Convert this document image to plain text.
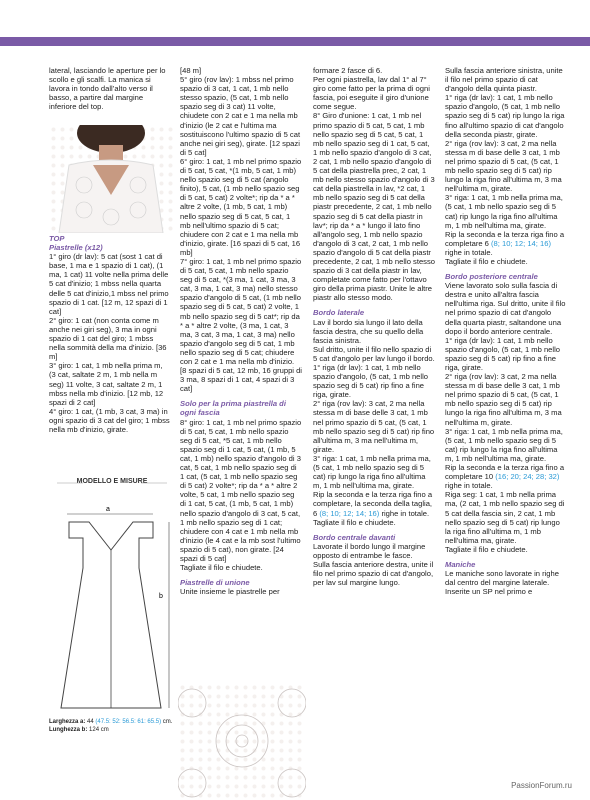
lateral, lasciando le aperture per lo scollo e gli scalfi. La manica si lavora in tondo dall’alto verso il basso, a partire dal margine inferiore del top.

TOP

Piastrelle (x12)

1° giro (dr lav): 5 cat (sost 1 cat di base, 1 ma e 1 spazio di 1 cat), (1 ma, 1 cat) 11 volte nella prima delle 5 cat d'inizio; 1 mbss nella quarta delle 5 cat d'inizio,1 mbss nel primo spazio di 1 cat. [12 m, 12 spazi di 1 cat]

2° giro: 1 cat (non conta come m anche nei giri seg), 3 ma in ogni spazio di 1 cat del giro; 1 mbss nella sommità della ma d'inizio. [36 m]

3° giro: 1 cat, 1 mb nella prima m, (3 cat, saltate 2 m, 1 mb nella m seg) 11 volte, 3 cat, saltate 2 m, 1 mbss nella mb d'inizio. [12 mb, 12 spazi di 2 cat]

4° giro: 1 cat, (1 mb, 3 cat, 3 ma) in ogni spazio di 3 cat del giro; 1 mbss nella mb d'inizio, girate.

MODELLO E MISURE
a
b
Larghezza a: 44 (47.5: 52: 56.5: 61: 65.5) cm.
Lunghezza b: 124 cm

[48 m]

5° giro (rov lav): 1 mbss nel primo spazio di 3 cat, 1 cat, 1 mb nello stesso spazio, (5 cat, 1 mb nello spazio seg di 3 cat) 11 volte, chiudete con 2 cat e 1 ma nella mb d'inizio (le 2 cat e l'ultima ma sostituiscono l'ultimo spazio di 5 cat anche nei giri seg), girate. [12 spazi di 5 cat]

6° giro: 1 cat, 1 mb nel primo spazio di 5 cat, 5 cat, *(1 mb, 5 cat, 1 mb) nello spazio seg di 5 cat (angolo finito), 5 cat, (1 mb nello spazio seg di 5 cat, 5 cat) 2 volte*; rip da * a * altre 2 volte, (1 mb, 5 cat, 1 mb) nello spazio seg di 5 cat, 5 cat, 1 mb nell'ultimo spazio di 5 cat; chiudere con 2 cat e 1 ma nella mb d'inizio, girate. [16 spazi di 5 cat, 16 mb]

7° giro: 1 cat, 1 mb nel primo spazio di 5 cat, 5 cat, 1 mb nello spazio seg di 5 cat, *(3 ma, 1 cat, 3 ma, 3 cat, 3 ma, 1 cat, 3 ma) nello stesso spazio d'angolo di 5 cat, (1 mb nello spazio seg di 5 cat, 5 cat) 2 volte, 1 mb nello spazio seg di 5 cat*; rip da * a * altre 2 volte, (3 ma, 1 cat, 3 ma, 3 cat, 3 ma, 1 cat, 3 ma) nello spazio d'angolo seg di 5 cat, 1 mb nello spazio seg di 5 cat; chiudere con 2 cat e 1 ma nella mb d'inizio. [8 spazi di 5 cat, 12 mb, 16 gruppi di 3 ma, 8 spazi di 1 cat, 4 spazi di 3 cat]

Solo per la prima piastrella di ogni fascia

8° giro: 1 cat, 1 mb nel primo spazio di 5 cat, 5 cat, 1 mb nello spazio seg di 5 cat, *5 cat, 1 mb nello spazio seg di 1 cat, 5 cat, (1 mb, 5 cat, 1 mb) nello spazio d'angolo di 3 cat, 5 cat, 1 mb nello spazio seg di 1 cat, (5 cat, 1 mb nello spazio seg di 5 cat) 2 volte*; rip da * a * altre 2 volte, 5 cat, 1 mb nello spazio seg di 1 cat, 5 cat, (1 mb, 5 cat, 1 mb) nello spazio d'angolo di 3 cat, 5 cat, 1 mb nello spazio seg di 1 cat; chiudere con 4 cat e 1 mb nella mb d'inizio (le 4 cat e la mb sost l'ultimo spazio di 5 cat), non girate. [24 spazi di 5 cat]

Tagliate il filo e chiudete.

Piastrelle di unione

Unite insieme le piastrelle per

formare 2 fasce di 6.

Per ogni piastrella, lav dal 1° al 7° giro come fatto per la prima di ogni fascia, poi eseguite il giro d'unione come segue.

8° Giro d'unione: 1 cat, 1 mb nel primo spazio di 5 cat, 5 cat, 1 mb nello spazio seg di 5 cat, 5 cat, 1 mb nello spazio seg di 1 cat, 5 cat, 1 mb nello spazio d'angolo di 3 cat, 2 cat, 1 mb nello spazio d'angolo di 5 cat della piastrella prec, 2 cat, 1 mb nello stesso spazio d'angolo di 3 cat della piastrella in lav, *2 cat, 1 mb nello spazio seg di 5 cat della piastr precedente, 2 cat, 1 mb nello spazio seg di 5 cat della piastr in lav*; rip da * a * lungo il lato fino all'angolo seg, 1 mb nello spazio d'angolo di 3 cat, 2 cat, 1 mb nello spazio d'angolo di 5 cat della piastr precedente, 2 cat, 1 mb nello stesso spazio di 3 cat della piastr in lav, completate come fatto per l'ottavo giro della prima piastr. Unite le altre piastr allo stesso modo.

Bordo laterale

Lav il bordo sia lungo il lato della fascia destra, che su quello della fascia sinistra.

Sul dritto, unite il filo nello spazio di 5 cat d'angolo per lav lungo il bordo.

1° riga (dr lav): 1 cat, 1 mb nello spazio d'angolo, (5 cat, 1 mb nello spazio seg di 5 cat) rip fino a fine riga, girate.

2° riga (rov lav): 3 cat, 2 ma nella stessa m di base delle 3 cat, 1 mb nel primo spazio di 5 cat, (5 cat, 1 mb nello spazio seg di 5 cat) rip fino all'ultima m, 3 ma nell'ultima m, girate.

3° riga: 1 cat, 1 mb nella prima ma, (5 cat, 1 mb nello spazio seg di 5 cat) rip lungo la riga fino all'ultima m, 1 mb nell'ultima ma, girate.

Rip la seconda e la terza riga fino a completare, la seconda della taglia, 6 (8; 10; 12; 14; 16) righe in totale.

Tagliate il filo e chiudete.

Bordo centrale davanti

Lavorate il bordo lungo il margine opposto di entrambe le fasce.

Sulla fascia anteriore destra, unite il filo nel primo spazio di cat d'angolo, per lav sul margine lungo.

Sulla fascia anteriore sinistra, unite il filo nel primo spazio di cat d'angolo della quinta piastr.

1° riga (dr lav): 1 cat, 1 mb nello spazio d'angolo, (5 cat, 1 mb nello spazio seg di 5 cat) rip lungo la riga fino all'ultimo spazio di cat d'angolo della seconda piastr, girate.

2° riga (rov lav): 3 cat, 2 ma nella stessa m di base delle 3 cat, 1 mb nel primo spazio di 5 cat, (5 cat, 1 mb nello spazio seg di 5 cat) rip lungo la riga fino all'ultima m, 3 ma nell'ultima m, girate.

3° riga: 1 cat, 1 mb nella prima ma, (5 cat, 1 mb nello spazio seg di 5 cat) rip lungo la riga fino all'ultima m, 1 mb nell'ultima ma, girate.

Rip la seconda e la terza riga fino a completare 6 (8; 10; 12; 14; 16) righe in totale.

Tagliate il filo e chiudete.

Bordo posteriore centrale

Viene lavorato solo sulla fascia di destra e unito all'altra fascia nell'ultima riga. Sul dritto, unite il filo nel primo spazio di cat d'angolo della quarta piastr, saltandone una dopo il bordo anteriore centrale.

1° riga (dr lav): 1 cat, 1 mb nello spazio d'angolo, (5 cat, 1 mb nello spazio seg di 5 cat) rip fino a fine riga, girate.

2° riga (rov lav): 3 cat, 2 ma nella stessa m di base delle 3 cat, 1 mb nel primo spazio di 5 cat, (5 cat, 1 mb nello spazio seg di 5 cat) rip lungo la riga fino all'ultima m, 3 ma nell'ultima m, girate.

3° riga: 1 cat, 1 mb nella prima ma, (5 cat, 1 mb nello spazio seg di 5 cat) rip lungo la riga fino all'ultima m, 1 mb nell'ultima ma, girate.

Rip la seconda e la terza riga fino a completare 10 (16; 20; 24; 28; 32) righe in totale.

Riga seg: 1 cat, 1 mb nella prima ma, (2 cat, 1 mb nello spazio seg di 5 cat della fascia sin, 2 cat, 1 mb nello spazio seg di 5 cat) rip lungo la riga fino all'ultima m, 1 mb nell'ultima ma, girate.

Tagliate il filo e chiudete.

Maniche

Le maniche sono lavorate in righe dal centro del margine laterale.

Inserite un SP nel primo e

PassionForum.ru
